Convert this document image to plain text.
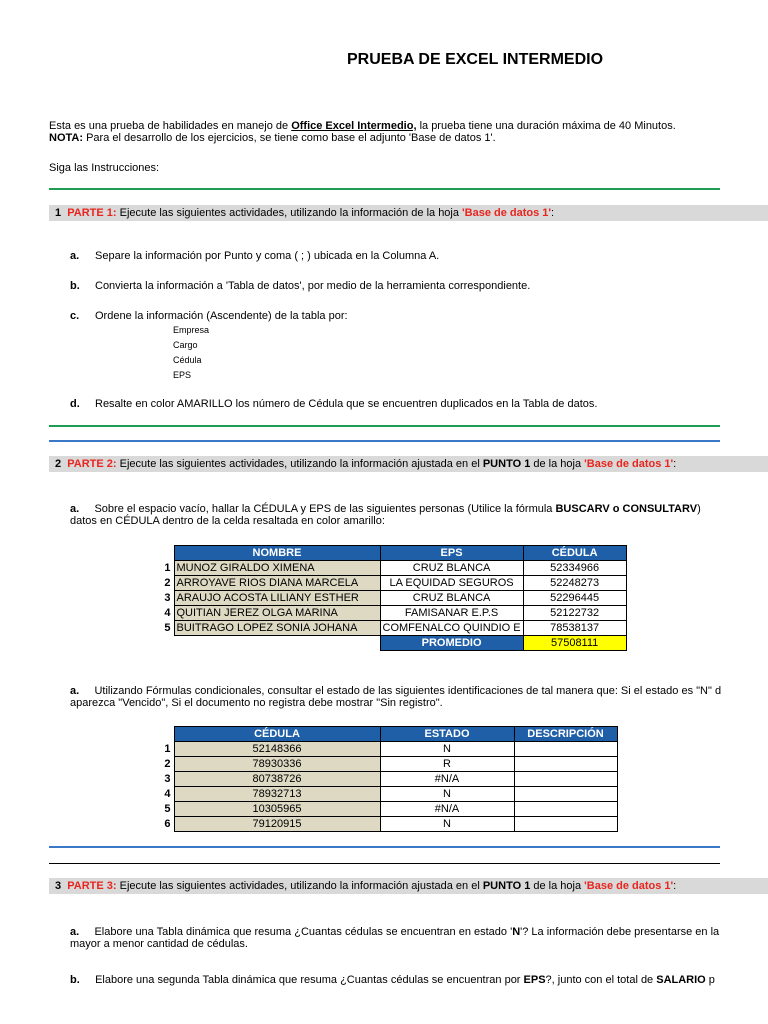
PRUEBA DE EXCEL INTERMEDIO
Esta es una prueba de habilidades en manejo de Office Excel Intermedio, la prueba tiene una duración máxima de 40 Minutos.
NOTA: Para el desarrollo de los ejercicios, se tiene como base el adjunto 'Base de datos 1'.
Siga las Instrucciones:
1 PARTE 1: Ejecute las siguientes actividades, utilizando la información de la hoja 'Base de datos 1':
a. Separe la información por Punto y coma ( ; ) ubicada en la Columna A.
b. Convierta la información a 'Tabla de datos', por medio de la herramienta correspondiente.
c. Ordene la información (Ascendente) de la tabla por:
Empresa
Cargo
Cédula
EPS
d. Resalte en color AMARILLO los número de Cédula que se encuentren duplicados en la Tabla de datos.
2 PARTE 2: Ejecute las siguientes actividades, utilizando la información ajustada en el PUNTO 1 de la hoja 'Base de datos 1':
a. Sobre el espacio vacío, hallar la CÉDULA y EPS de las siguientes personas (Utilice la fórmula BUSCARV o CONSULTARV)
datos en CÉDULA dentro de la celda resaltada en color amarillo:
	NOMBRE	EPS	CÉDULA
1	MUNOZ GIRALDO XIMENA	CRUZ BLANCA	52334966
2	ARROYAVE RIOS DIANA MARCELA	LA EQUIDAD SEGUROS	52248273
3	ARAUJO ACOSTA LILIANY ESTHER	CRUZ BLANCA	52296445
4	QUITIAN JEREZ OLGA MARINA	FAMISANAR E.P.S	52122732
5	BUITRAGO LOPEZ SONIA JOHANA	COMFENALCO QUINDIO E	78538137
		PROMEDIO	57508111
a. Utilizando Fórmulas condicionales, consultar el estado de las siguientes identificaciones de tal manera que: Si el estado es "N" d
aparezca "Vencido", Si el documento no registra debe mostrar "Sin registro".
	CÉDULA	ESTADO	DESCRIPCIÓN
1	52148366	N	
2	78930336	R	
3	80738726	#N/A	
4	78932713	N	
5	10305965	#N/A	
6	79120915	N	
3 PARTE 3: Ejecute las siguientes actividades, utilizando la información ajustada en el PUNTO 1 de la hoja 'Base de datos 1':
a. Elabore una Tabla dinámica que resuma ¿Cuantas cédulas se encuentran en estado 'N'? La información debe presentarse en la
mayor a menor cantidad de cédulas.
b. Elabore una segunda Tabla dinámica que resuma ¿Cuantas cédulas se encuentran por EPS?, junto con el total de SALARIO p
